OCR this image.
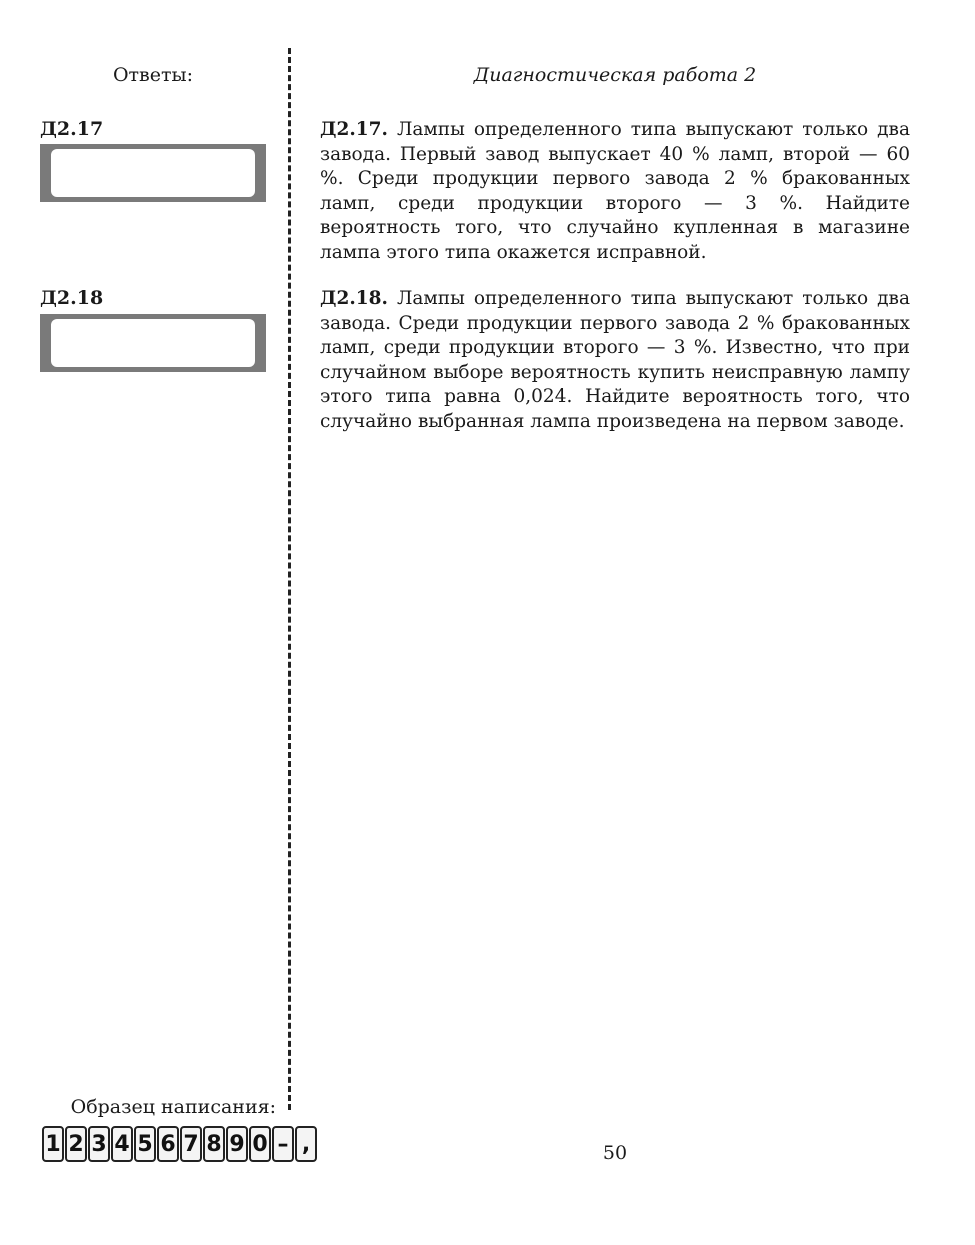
Ответы:	Диагностическая работа 2
Д2.17
Д2.18
Д2.17. Лампы определенного типа выпускают только два завода. Первый завод выпускает 40 % ламп, второй — 60 %. Среди продукции первого завода 2 % бракованных ламп, среди продукции второго — 3 %. Найдите вероятность того, что случайно купленная в магазине лампа этого типа окажется исправной.
Д2.18. Лампы определенного типа выпускают только два завода. Среди продукции первого завода 2 % бракованных ламп, среди продукции второго — 3 %. Известно, что при случайном выборе вероятность купить неисправную лампу этого типа равна 0,024. Найдите вероятность того, что случайно выбранная лампа произведена на первом заводе.
Образец написания:
1 2 3 4 5 6 7 8 9 0 – ,	50
